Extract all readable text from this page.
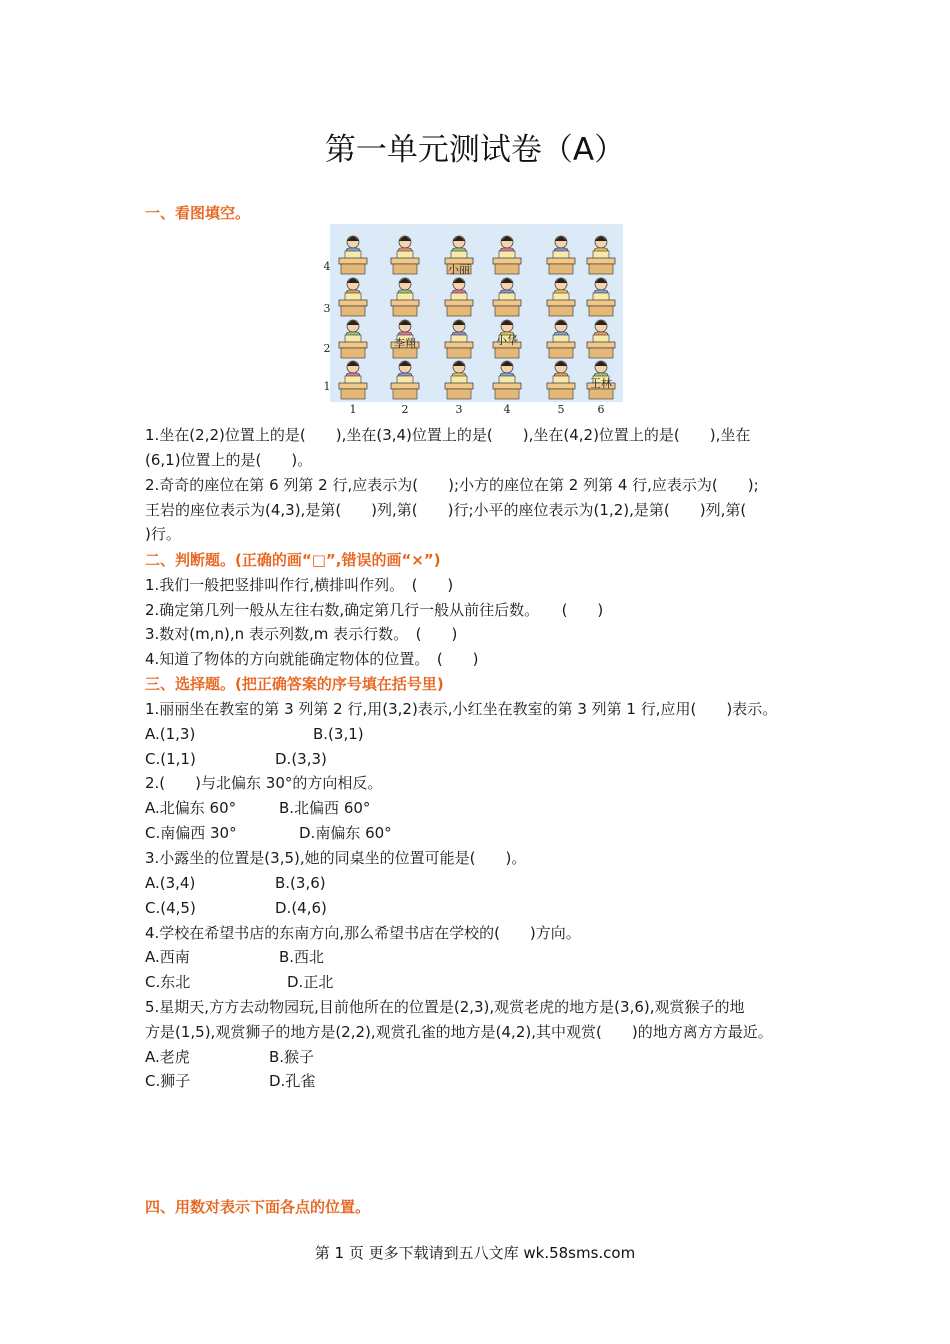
第一单元测试卷（A）
一、看图填空。
4
3
2
1
1	2	3	4	5	6
小丽
李翔	小华
王林
1.坐在(2,2)位置上的是(　　),坐在(3,4)位置上的是(　　),坐在(4,2)位置上的是(　　),坐在
(6,1)位置上的是(　　)。
2.奇奇的座位在第 6 列第 2 行,应表示为(　　);小方的座位在第 2 列第 4 行,应表示为(　　);
王岩的座位表示为(4,3),是第(　　)列,第(　　)行;小平的座位表示为(1,2),是第(　　)列,第(
)行。
二、判断题。(正确的画“□”,错误的画“×”)
1.我们一般把竖排叫作行,横排叫作列。　(　　)
2.确定第几列一般从左往右数,确定第几行一般从前往后数。　　(　　)
3.数对(m,n),n 表示列数,m 表示行数。　(　　)
4.知道了物体的方向就能确定物体的位置。　(　　)
三、选择题。(把正确答案的序号填在括号里)
1.丽丽坐在教室的第 3 列第 2 行,用(3,2)表示,小红坐在教室的第 3 列第 1 行,应用(　　)表示。
A.(1,3)	B.(3,1)
C.(1,1)	D.(3,3)
2.(　　)与北偏东 30°的方向相反。
A.北偏东 60°	B.北偏西 60°
C.南偏西 30°	D.南偏东 60°
3.小露坐的位置是(3,5),她的同桌坐的位置可能是(　　)。
A.(3,4)	B.(3,6)
C.(4,5)	D.(4,6)
4.学校在希望书店的东南方向,那么希望书店在学校的(　　)方向。
A.西南	B.西北
C.东北	D.正北
5.星期天,方方去动物园玩,目前他所在的位置是(2,3),观赏老虎的地方是(3,6),观赏猴子的地
方是(1,5),观赏狮子的地方是(2,2),观赏孔雀的地方是(4,2),其中观赏(　　)的地方离方方最近。
A.老虎	B.猴子
C.狮子	D.孔雀
四、用数对表示下面各点的位置。
第 1 页 更多下载请到五八文库 wk.58sms.com
